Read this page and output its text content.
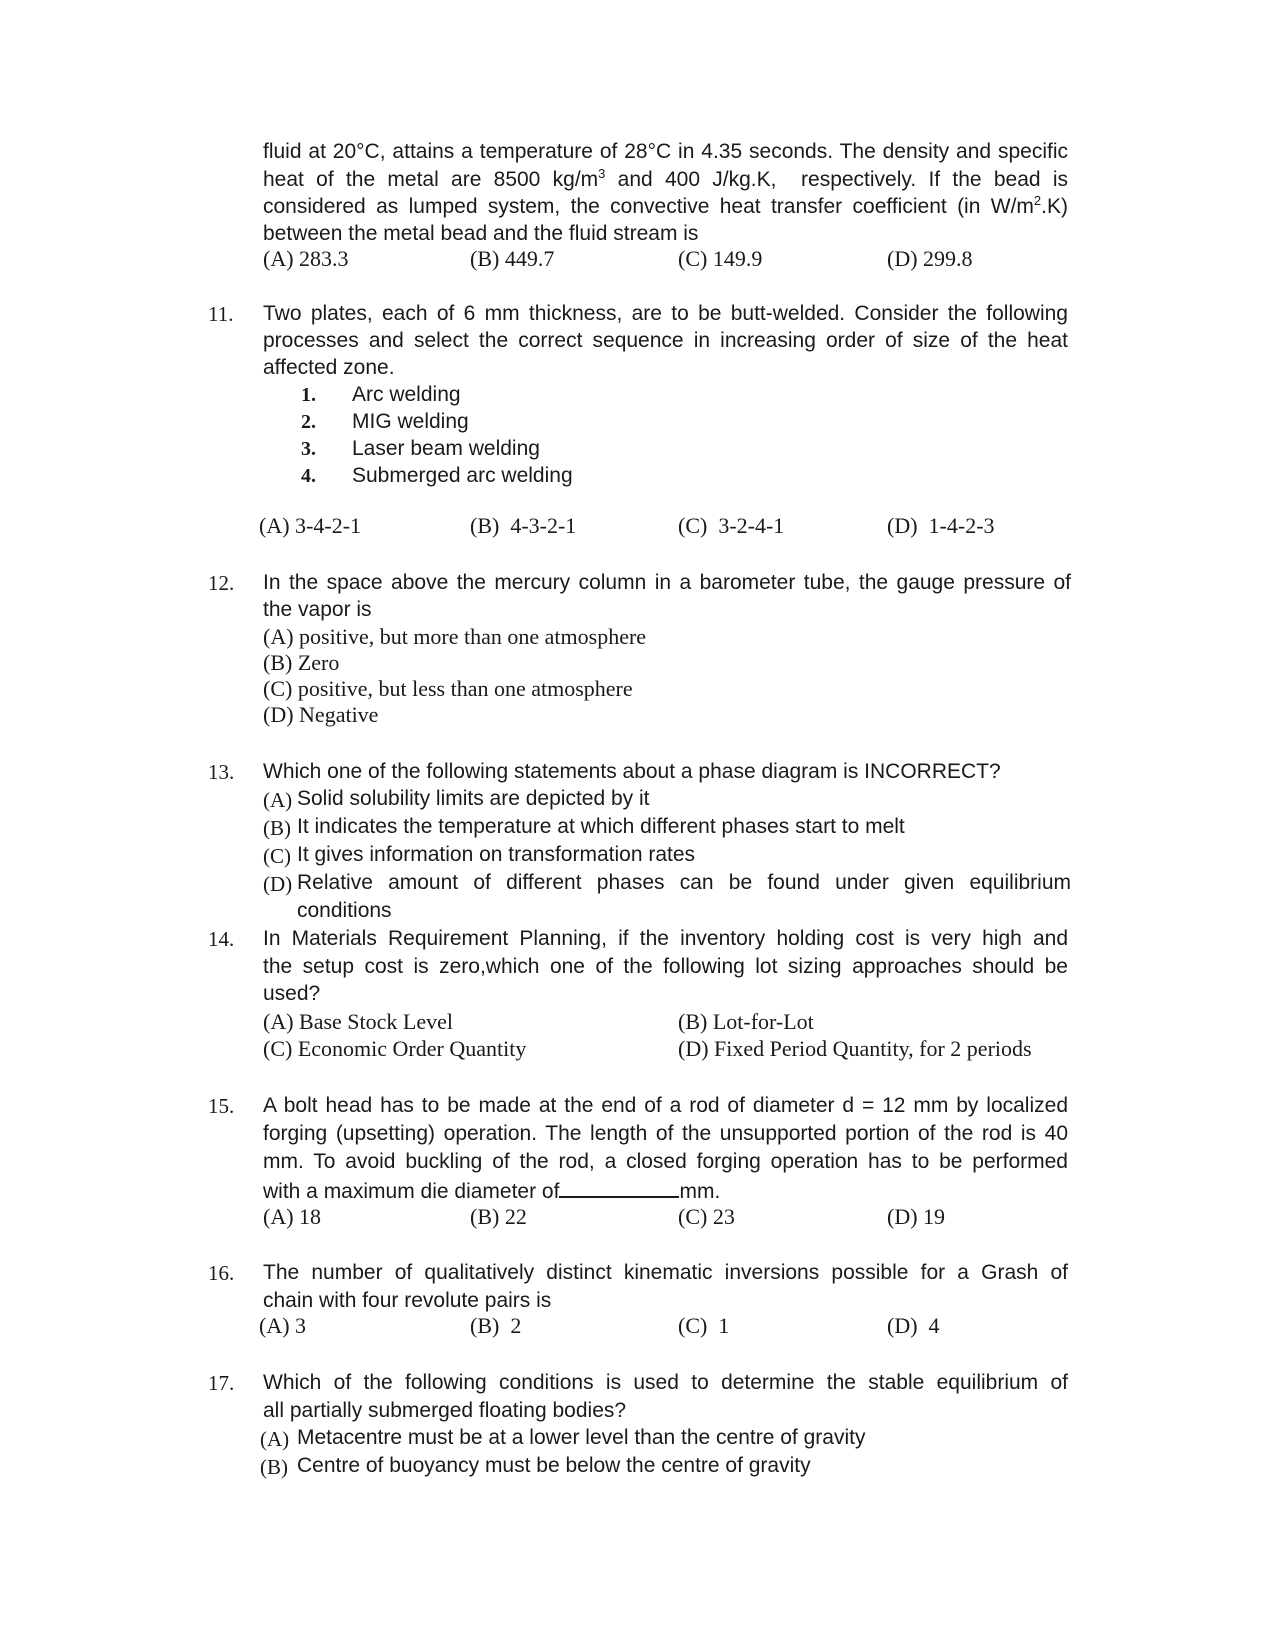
fluid at 20°C, attains a temperature of 28°C in 4.35 seconds. The density and specific
heat of the metal are 8500 $kg/m^3$ and 400 J/kg.K,  respectively. If the bead is
considered as lumped system, the convective heat transfer coefficient (in $W/m^2.K$)
between the metal bead and the fluid stream is
(A) 283.3	(B) 449.7	(C) 149.9	(D) 299.8
11. Two plates, each of 6 mm thickness, are to be butt-welded. Consider the following
processes and select the correct sequence in increasing order of size of the heat
affected zone.
1. Arc welding
2. MIG welding
3. Laser beam welding
4. Submerged arc welding
(A) 3-4-2-1	(B)  4-3-2-1	(C)  3-2-4-1	(D)  1-4-2-3
12. In the space above the mercury column in a barometer tube, the gauge pressure of
the vapor is
(A) positive, but more than one atmosphere
(B) Zero
(C) positive, but less than one atmosphere
(D) Negative
13. Which one of the following statements about a phase diagram is INCORRECT?
(A) Solid solubility limits are depicted by it
(B) It indicates the temperature at which different phases start to melt
(C) It gives information on transformation rates
(D) Relative amount of different phases can be found under given equilibrium
conditions
14. In Materials Requirement Planning, if the inventory holding cost is very high and
the setup cost is zero,which one of the following lot sizing approaches should be
used?
(A) Base Stock Level	(B) Lot-for-Lot
(C) Economic Order Quantity	(D) Fixed Period Quantity, for 2 periods
15. A bolt head has to be made at the end of a rod of diameter d = 12 mm by localized
forging (upsetting) operation. The length of the unsupported portion of the rod is 40
mm. To avoid buckling of the rod, a closed forging operation has to be performed
with a maximum die diameter of	mm.
(A) 18	(B) 22	(C) 23	(D) 19
16. The number of qualitatively distinct kinematic inversions possible for a Grash of
chain with four revolute pairs is
(A) 3	(B)  2	(C)  1	(D)  4
17. Which of the following conditions is used to determine the stable equilibrium of
all partially submerged floating bodies?
(A) Metacentre must be at a lower level than the centre of gravity
(B) Centre of buoyancy must be below the centre of gravity
